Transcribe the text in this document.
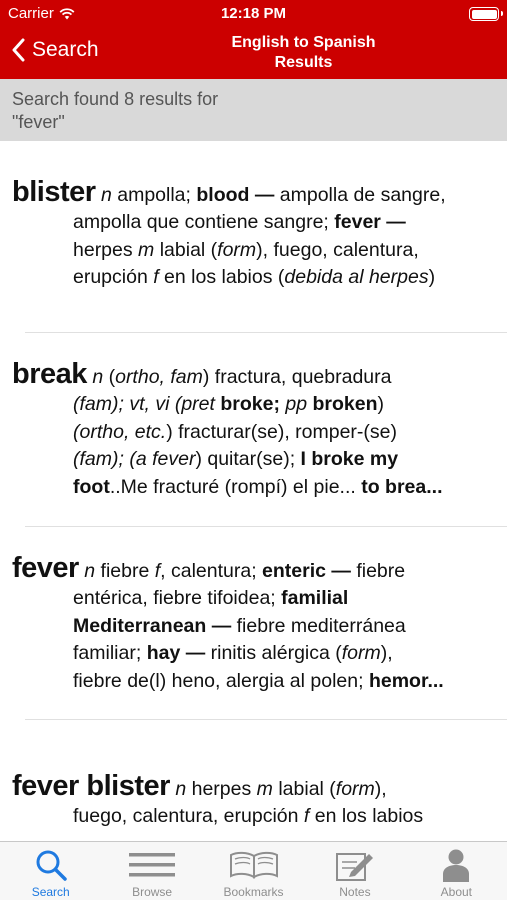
Carrier	12:18 PM
Search	English to Spanish
Results
Search found 8 results for
"fever"
blister n ampolla; blood — ampolla de sangre,
ampolla que contiene sangre; fever —
herpes m labial (form), fuego, calentura,
erupción f en los labios (debida al herpes)
break n (ortho, fam) fractura, quebradura
(fam); vt, vi (pret broke; pp broken)
(ortho, etc.) fracturar(se), romper-(se)
(fam); (a fever) quitar(se); I broke my
foot..Me fracturé (rompí) el pie... to brea...
fever n fiebre f, calentura; enteric — fiebre
entérica, fiebre tifoidea; familial
Mediterranean — fiebre mediterránea
familiar; hay — rinitis alérgica (form),
fiebre de(l) heno, alergia al polen; hemor...
fever blister n herpes m labial (form),
fuego, calentura, erupción f en los labios
Search	Browse	Bookmarks	Notes	About
